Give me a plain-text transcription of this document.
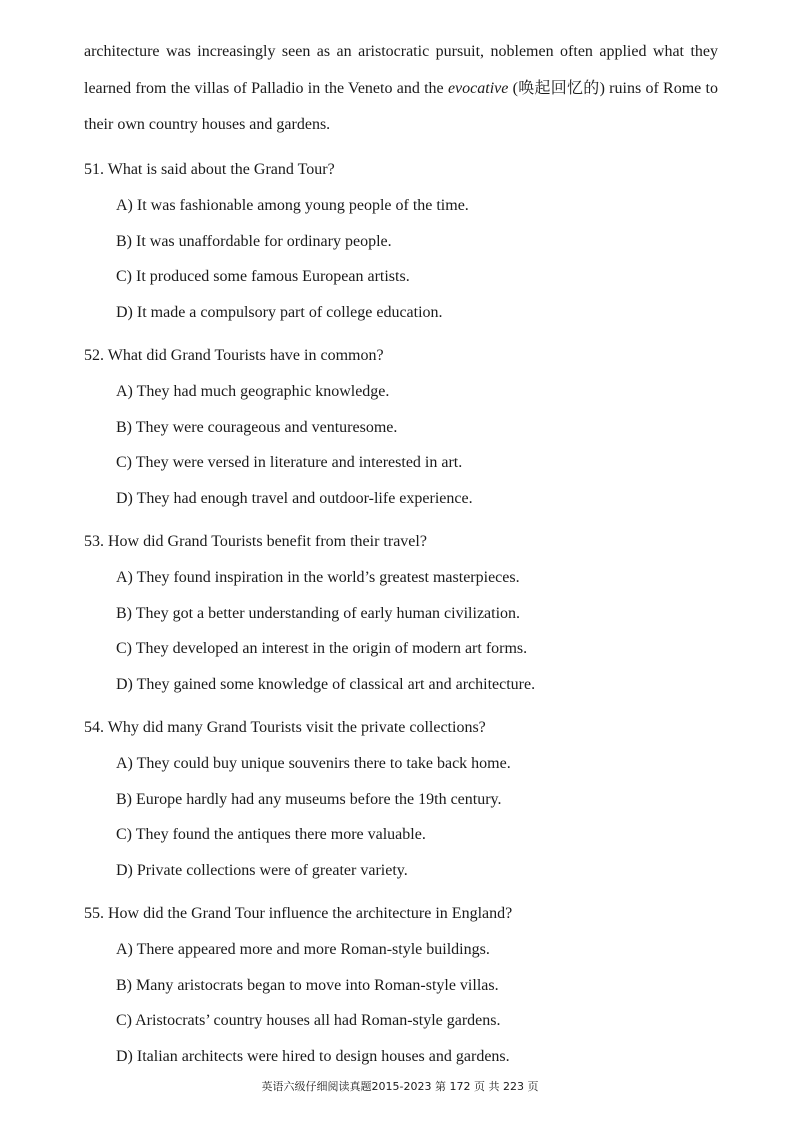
architecture was increasingly seen as an aristocratic pursuit, noblemen often applied what they learned from the villas of Palladio in the Veneto and the evocative (唤起回忆的) ruins of Rome to their own country houses and gardens.

51. What is said about the Grand Tour?

A) It was fashionable among young people of the time.

B) It was unaffordable for ordinary people.

C) It produced some famous European artists.

D) It made a compulsory part of college education.

52. What did Grand Tourists have in common?

A) They had much geographic knowledge.

B) They were courageous and venturesome.

C) They were versed in literature and interested in art.

D) They had enough travel and outdoor-life experience.

53. How did Grand Tourists benefit from their travel?

A) They found inspiration in the world’s greatest masterpieces.

B) They got a better understanding of early human civilization.

C) They developed an interest in the origin of modern art forms.

D) They gained some knowledge of classical art and architecture.

54. Why did many Grand Tourists visit the private collections?

A) They could buy unique souvenirs there to take back home.

B) Europe hardly had any museums before the 19th century.

C) They found the antiques there more valuable.

D) Private collections were of greater variety.

55. How did the Grand Tour influence the architecture in England?

A) There appeared more and more Roman-style buildings.

B) Many aristocrats began to move into Roman-style villas.

C) Aristocrats’ country houses all had Roman-style gardens.

D) Italian architects were hired to design houses and gardens.

英语六级仔细阅读真题2015-2023 第 172 页 共 223 页
